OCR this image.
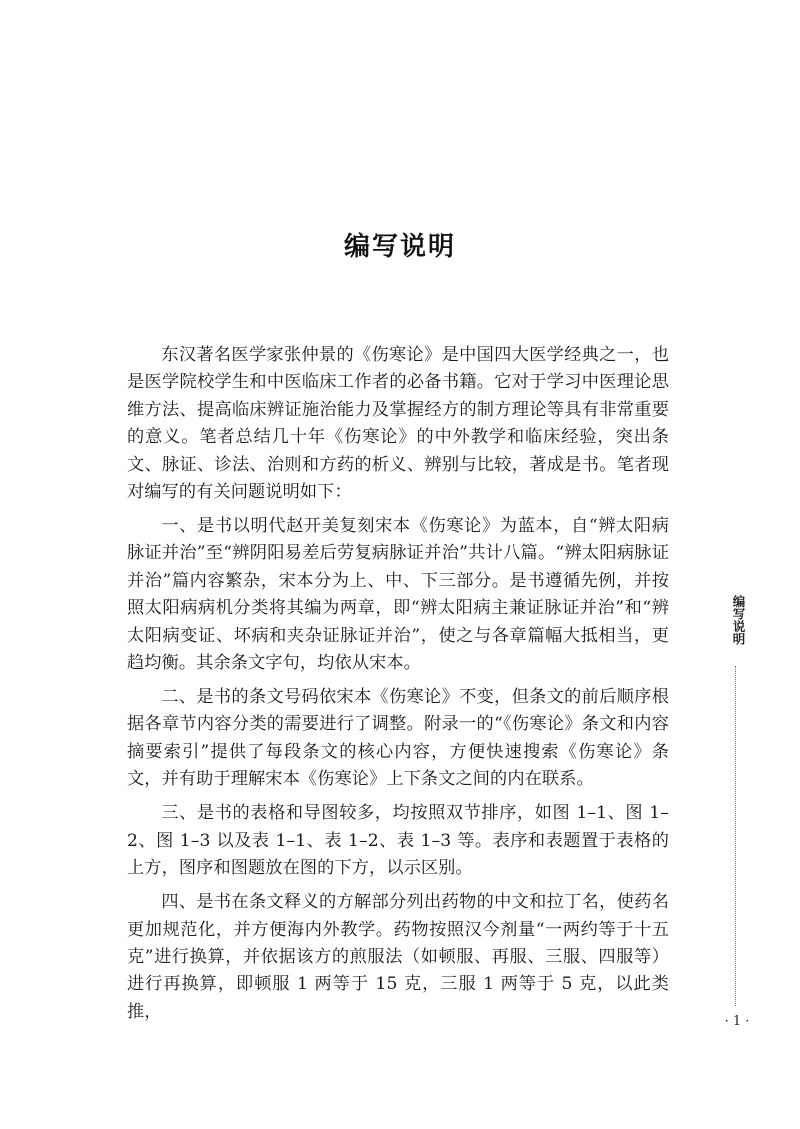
编写说明

东汉著名医学家张仲景的《伤寒论》是中国四大医学经典之一，也是医学院校学生和中医临床工作者的必备书籍。它对于学习中医理论思维方法、提高临床辨证施治能力及掌握经方的制方理论等具有非常重要的意义。笔者总结几十年《伤寒论》的中外教学和临床经验，突出条文、脉证、诊法、治则和方药的析义、辨别与比较，著成是书。笔者现对编写的有关问题说明如下：

一、是书以明代赵开美复刻宋本《伤寒论》为蓝本，自“辨太阳病脉证并治”至“辨阴阳易差后劳复病脉证并治”共计八篇。“辨太阳病脉证并治”篇内容繁杂，宋本分为上、中、下三部分。是书遵循先例，并按照太阳病病机分类将其编为两章，即“辨太阳病主兼证脉证并治”和“辨太阳病变证、坏病和夹杂证脉证并治”，使之与各章篇幅大抵相当，更趋均衡。其余条文字句，均依从宋本。

二、是书的条文号码依宋本《伤寒论》不变，但条文的前后顺序根据各章节内容分类的需要进行了调整。附录一的“《伤寒论》条文和内容摘要索引”提供了每段条文的核心内容，方便快速搜索《伤寒论》条文，并有助于理解宋本《伤寒论》上下条文之间的内在联系。

三、是书的表格和导图较多，均按照双节排序，如图 1–1、图 1–2、图 1–3 以及表 1–1、表 1–2、表 1–3 等。表序和表题置于表格的上方，图序和图题放在图的下方，以示区别。

四、是书在条文释义的方解部分列出药物的中文和拉丁名，使药名更加规范化，并方便海内外教学。药物按照汉今剂量“一两约等于十五克”进行换算，并依据该方的煎服法（如顿服、再服、三服、四服等）进行再换算，即顿服 1 两等于 15 克，三服 1 两等于 5 克，以此类推，

编写说明
· 1 ·
